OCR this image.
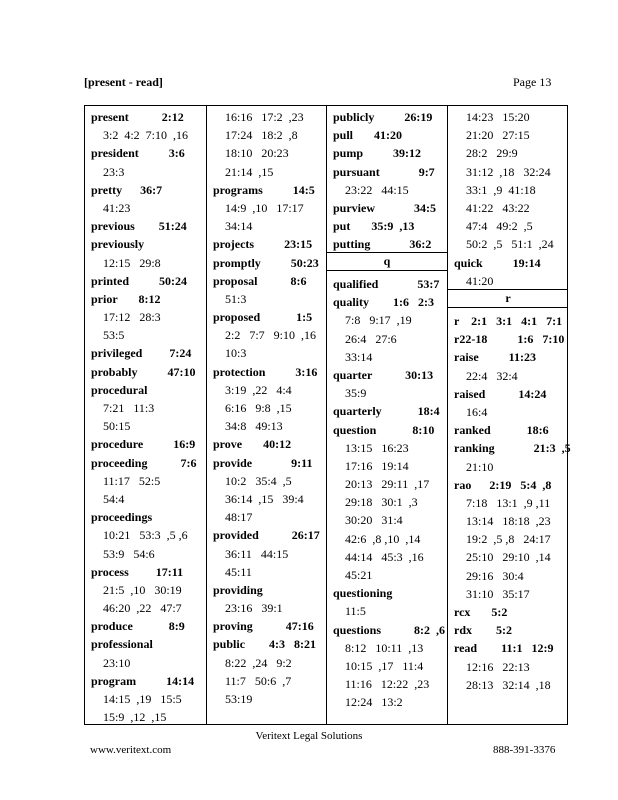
[present - read]	Page 13
present           2:12
3:2  4:2  7:10  ,16
president          3:6
23:3
pretty      36:7
41:23
previous        51:24
previously
12:15   29:8
printed          50:24
prior       8:12
17:12   28:3
53:5
privileged         7:24
probably          47:10
procedural
7:21   11:3
50:15
procedure          16:9
proceeding           7:6
11:17   52:5
54:4
proceedings
10:21   53:3  ,5 ,6
53:9   54:6
process         17:11
21:5  ,10   30:19
46:20  ,22   47:7
produce            8:9
professional
23:10
program          14:14
14:15  ,19   15:5
15:9  ,12  ,15
16:16   17:2  ,23
17:24   18:2  ,8
18:10   20:23
21:14  ,15
programs          14:5
14:9  ,10   17:17
34:14
projects          23:15
promptly          50:23
proposal           8:6
51:3
proposed            1:5
2:2   7:7   9:10  ,16
10:3
protection          3:16
3:19  ,22   4:4
6:16   9:8  ,15
34:8   49:13
prove       40:12
provide             9:11
10:2   35:4  ,5
36:14  ,15   39:4
48:17
provided           26:17
36:11   44:15
45:11
providing
23:16   39:1
proving           47:16
public        4:3   8:21
8:22  ,24   9:2
11:7   50:6  ,7
53:19
publicly          26:19
pull       41:20
pump          39:12
pursuant             9:7
23:22   44:15
purview             34:5
put       35:9  ,13
putting             36:2
q
qualified             53:7
quality        1:6   2:3
7:8   9:17  ,19
26:4   27:6
33:14
quarter           30:13
35:9
quarterly            18:4
question            8:10
13:15   16:23
17:16   19:14
20:13   29:11  ,17
29:18   30:1  ,3
30:20   31:4
42:6  ,8 ,10  ,14
44:14   45:3  ,16
45:21
questioning
11:5
questions           8:2  ,6
8:12   10:11  ,13
10:15  ,17   11:4
11:16   12:22  ,23
12:24   13:2
14:23   15:20
21:20   27:15
28:2   29:9
31:12  ,18   32:24
33:1  ,9  41:18
41:22   43:22
47:4   49:2  ,5
50:2  ,5   51:1  ,24
quick          19:14
41:20
r
r    2:1   3:1   4:1   7:1
r22-18          1:6   7:10
raise          11:23
22:4   32:4
raised           14:24
16:4
ranked            18:6
ranking             21:3  ,5
21:10
rao      2:19   5:4  ,8
7:18   13:1  ,9 ,11
13:14   18:18  ,23
19:2  ,5 ,8   24:17
25:10   29:10  ,14
29:16   30:4
31:10   35:17
rcx       5:2
rdx        5:2
read        11:1   12:9
12:16   22:13
28:13   32:14  ,18
Veritext Legal Solutions
www.veritext.com	888-391-3376
